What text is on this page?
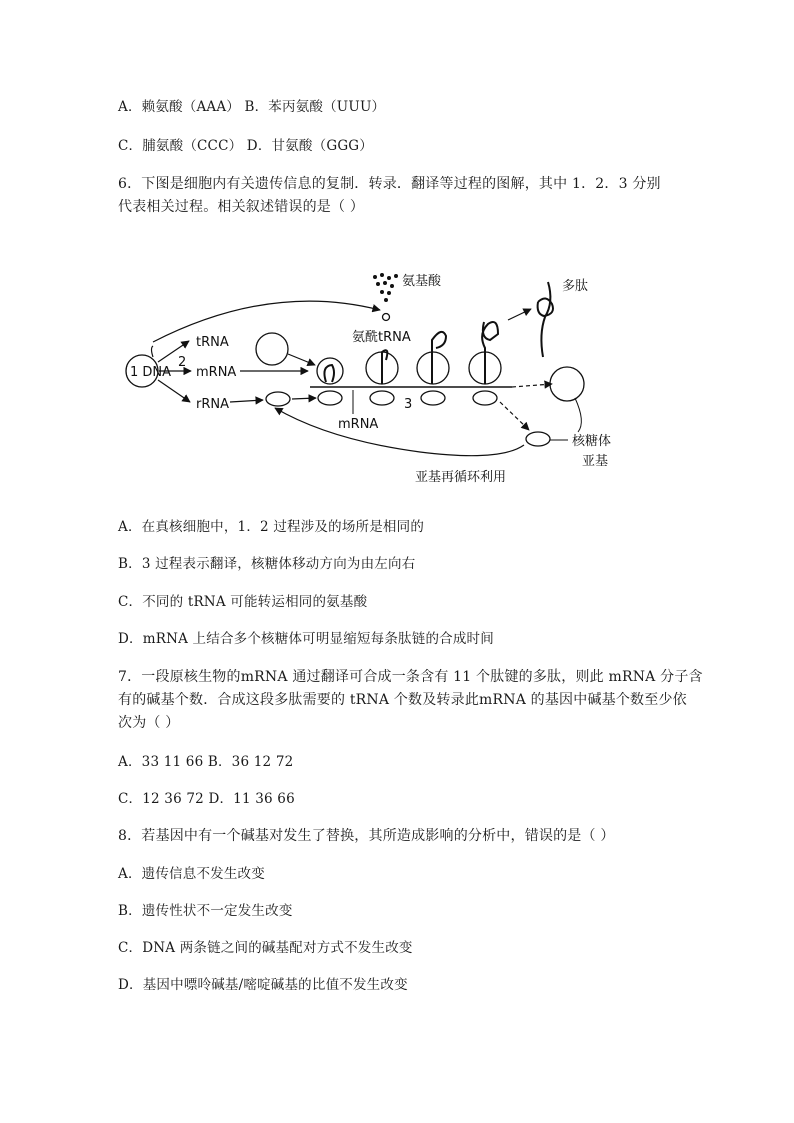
A．赖氨酸（AAA） B．苯丙氨酸（UUU）
C．脯氨酸（CCC） D．甘氨酸（GGG）
6．下图是细胞内有关遗传信息的复制．转录．翻译等过程的图解，其中 1．2．3 分别
代表相关过程。相关叙述错误的是（ ）
氨基酸
氨酰tRNA
多肽
tRNA
1 DNA
2
mRNA
rRNA
mRNA
3
核糖体
亚基
亚基再循环利用
A．在真核细胞中，1．2 过程涉及的场所是相同的
B．3 过程表示翻译，核糖体移动方向为由左向右
C．不同的 tRNA 可能转运相同的氨基酸
D．mRNA 上结合多个核糖体可明显缩短每条肽链的合成时间
7．一段原核生物的mRNA 通过翻译可合成一条含有 11 个肽键的多肽，则此 mRNA 分子含
有的碱基个数．合成这段多肽需要的 tRNA 个数及转录此mRNA 的基因中碱基个数至少依
次为（ ）
A．33 11 66 B．36 12 72
C．12 36 72 D．11 36 66
8．若基因中有一个碱基对发生了替换，其所造成影响的分析中，错误的是（ ）
A．遗传信息不发生改变
B．遗传性状不一定发生改变
C．DNA 两条链之间的碱基配对方式不发生改变
D．基因中嘌呤碱基/嘧啶碱基的比值不发生改变
